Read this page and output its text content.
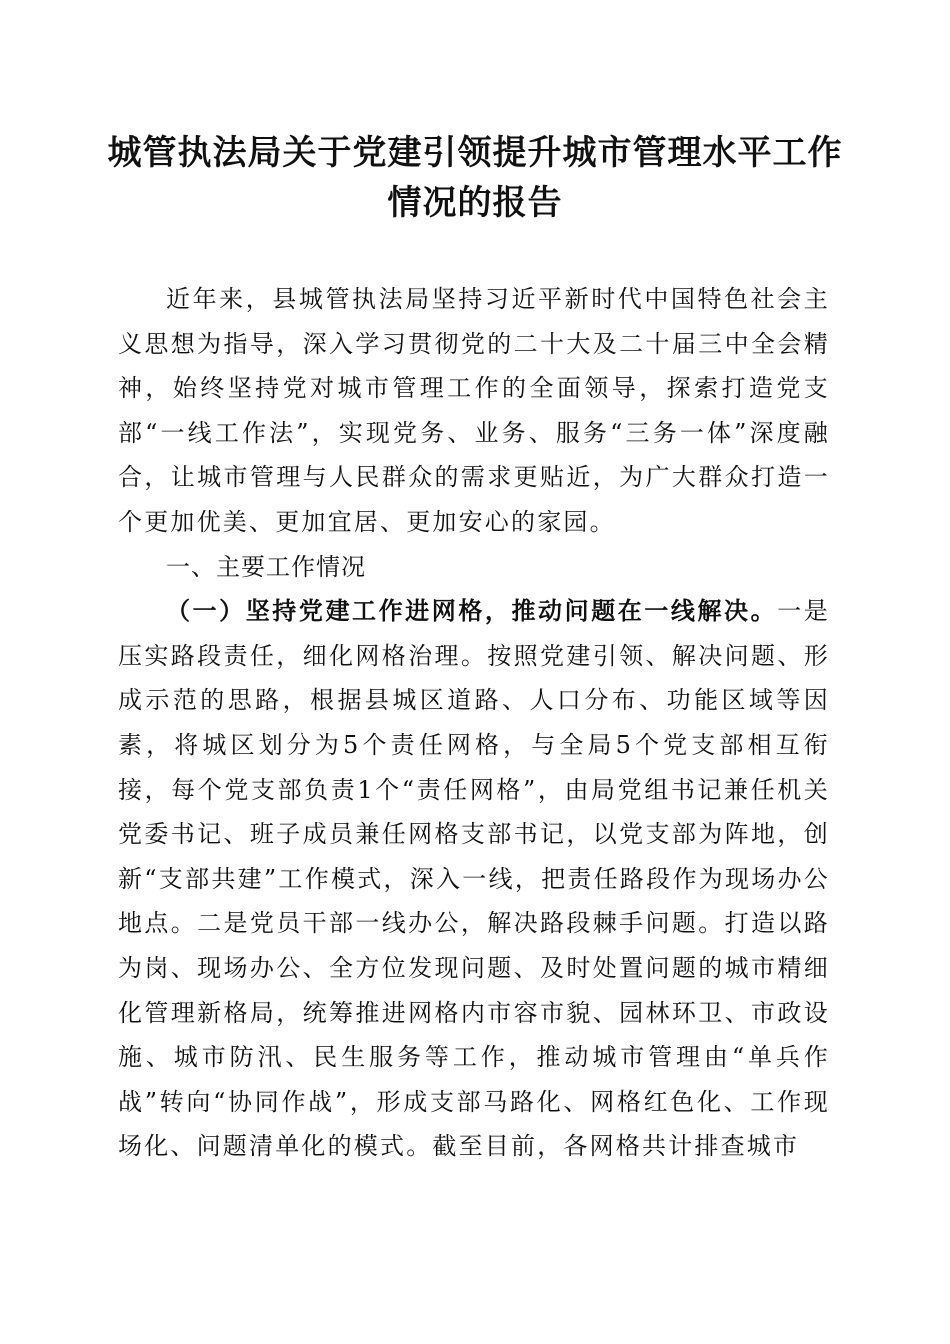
城管执法局关于党建引领提升城市管理水平工作情况的报告

近年来，县城管执法局坚持习近平新时代中国特色社会主义思想为指导，深入学习贯彻党的二十大及二十届三中全会精神，始终坚持党对城市管理工作的全面领导，探索打造党支部“一线工作法”，实现党务、业务、服务“三务一体”深度融合，让城市管理与人民群众的需求更贴近，为广大群众打造一个更加优美、更加宜居、更加安心的家园。

一、主要工作情况

（一）坚持党建工作进网格，推动问题在一线解决。一是压实路段责任，细化网格治理。按照党建引领、解决问题、形成示范的思路，根据县城区道路、人口分布、功能区域等因素，将城区划分为5个责任网格，与全局5个党支部相互衔接，每个党支部负责1个“责任网格”，由局党组书记兼任机关党委书记、班子成员兼任网格支部书记，以党支部为阵地，创新“支部共建”工作模式，深入一线，把责任路段作为现场办公地点。二是党员干部一线办公，解决路段棘手问题。打造以路为岗、现场办公、全方位发现问题、及时处置问题的城市精细化管理新格局，统筹推进网格内市容市貌、园林环卫、市政设施、城市防汛、民生服务等工作，推动城市管理由“单兵作战”转向“协同作战”，形成支部马路化、网格红色化、工作现场化、问题清单化的模式。截至目前，各网格共计排查城市
